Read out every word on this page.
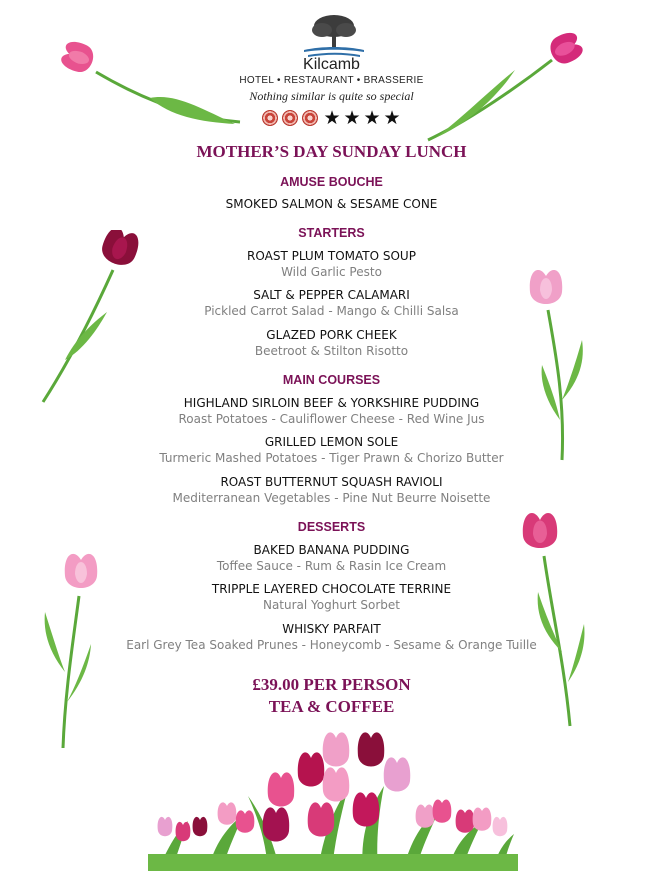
Kilcamb
HOTEL • RESTAURANT • BRASSERIE
Nothing similar is quite so special
★ ★ ★ ★
MOTHER’S DAY SUNDAY LUNCH
AMUSE BOUCHE
SMOKED SALMON & SESAME CONE
STARTERS
ROAST PLUM TOMATO SOUP
Wild Garlic Pesto
SALT & PEPPER CALAMARI
Pickled Carrot Salad - Mango & Chilli Salsa
GLAZED PORK CHEEK
Beetroot & Stilton Risotto
MAIN COURSES
HIGHLAND SIRLOIN BEEF & YORKSHIRE PUDDING
Roast Potatoes - Cauliflower Cheese - Red Wine Jus
GRILLED LEMON SOLE
Turmeric Mashed Potatoes - Tiger Prawn & Chorizo Butter
ROAST BUTTERNUT SQUASH RAVIOLI
Mediterranean Vegetables - Pine Nut Beurre Noisette
DESSERTS
BAKED BANANA PUDDING
Toffee Sauce - Rum & Rasin Ice Cream
TRIPPLE LAYERED CHOCOLATE TERRINE
Natural Yoghurt Sorbet
WHISKY PARFAIT
Earl Grey Tea Soaked Prunes - Honeycomb - Sesame & Orange Tuille
£39.00 PER PERSON
TEA & COFFEE
